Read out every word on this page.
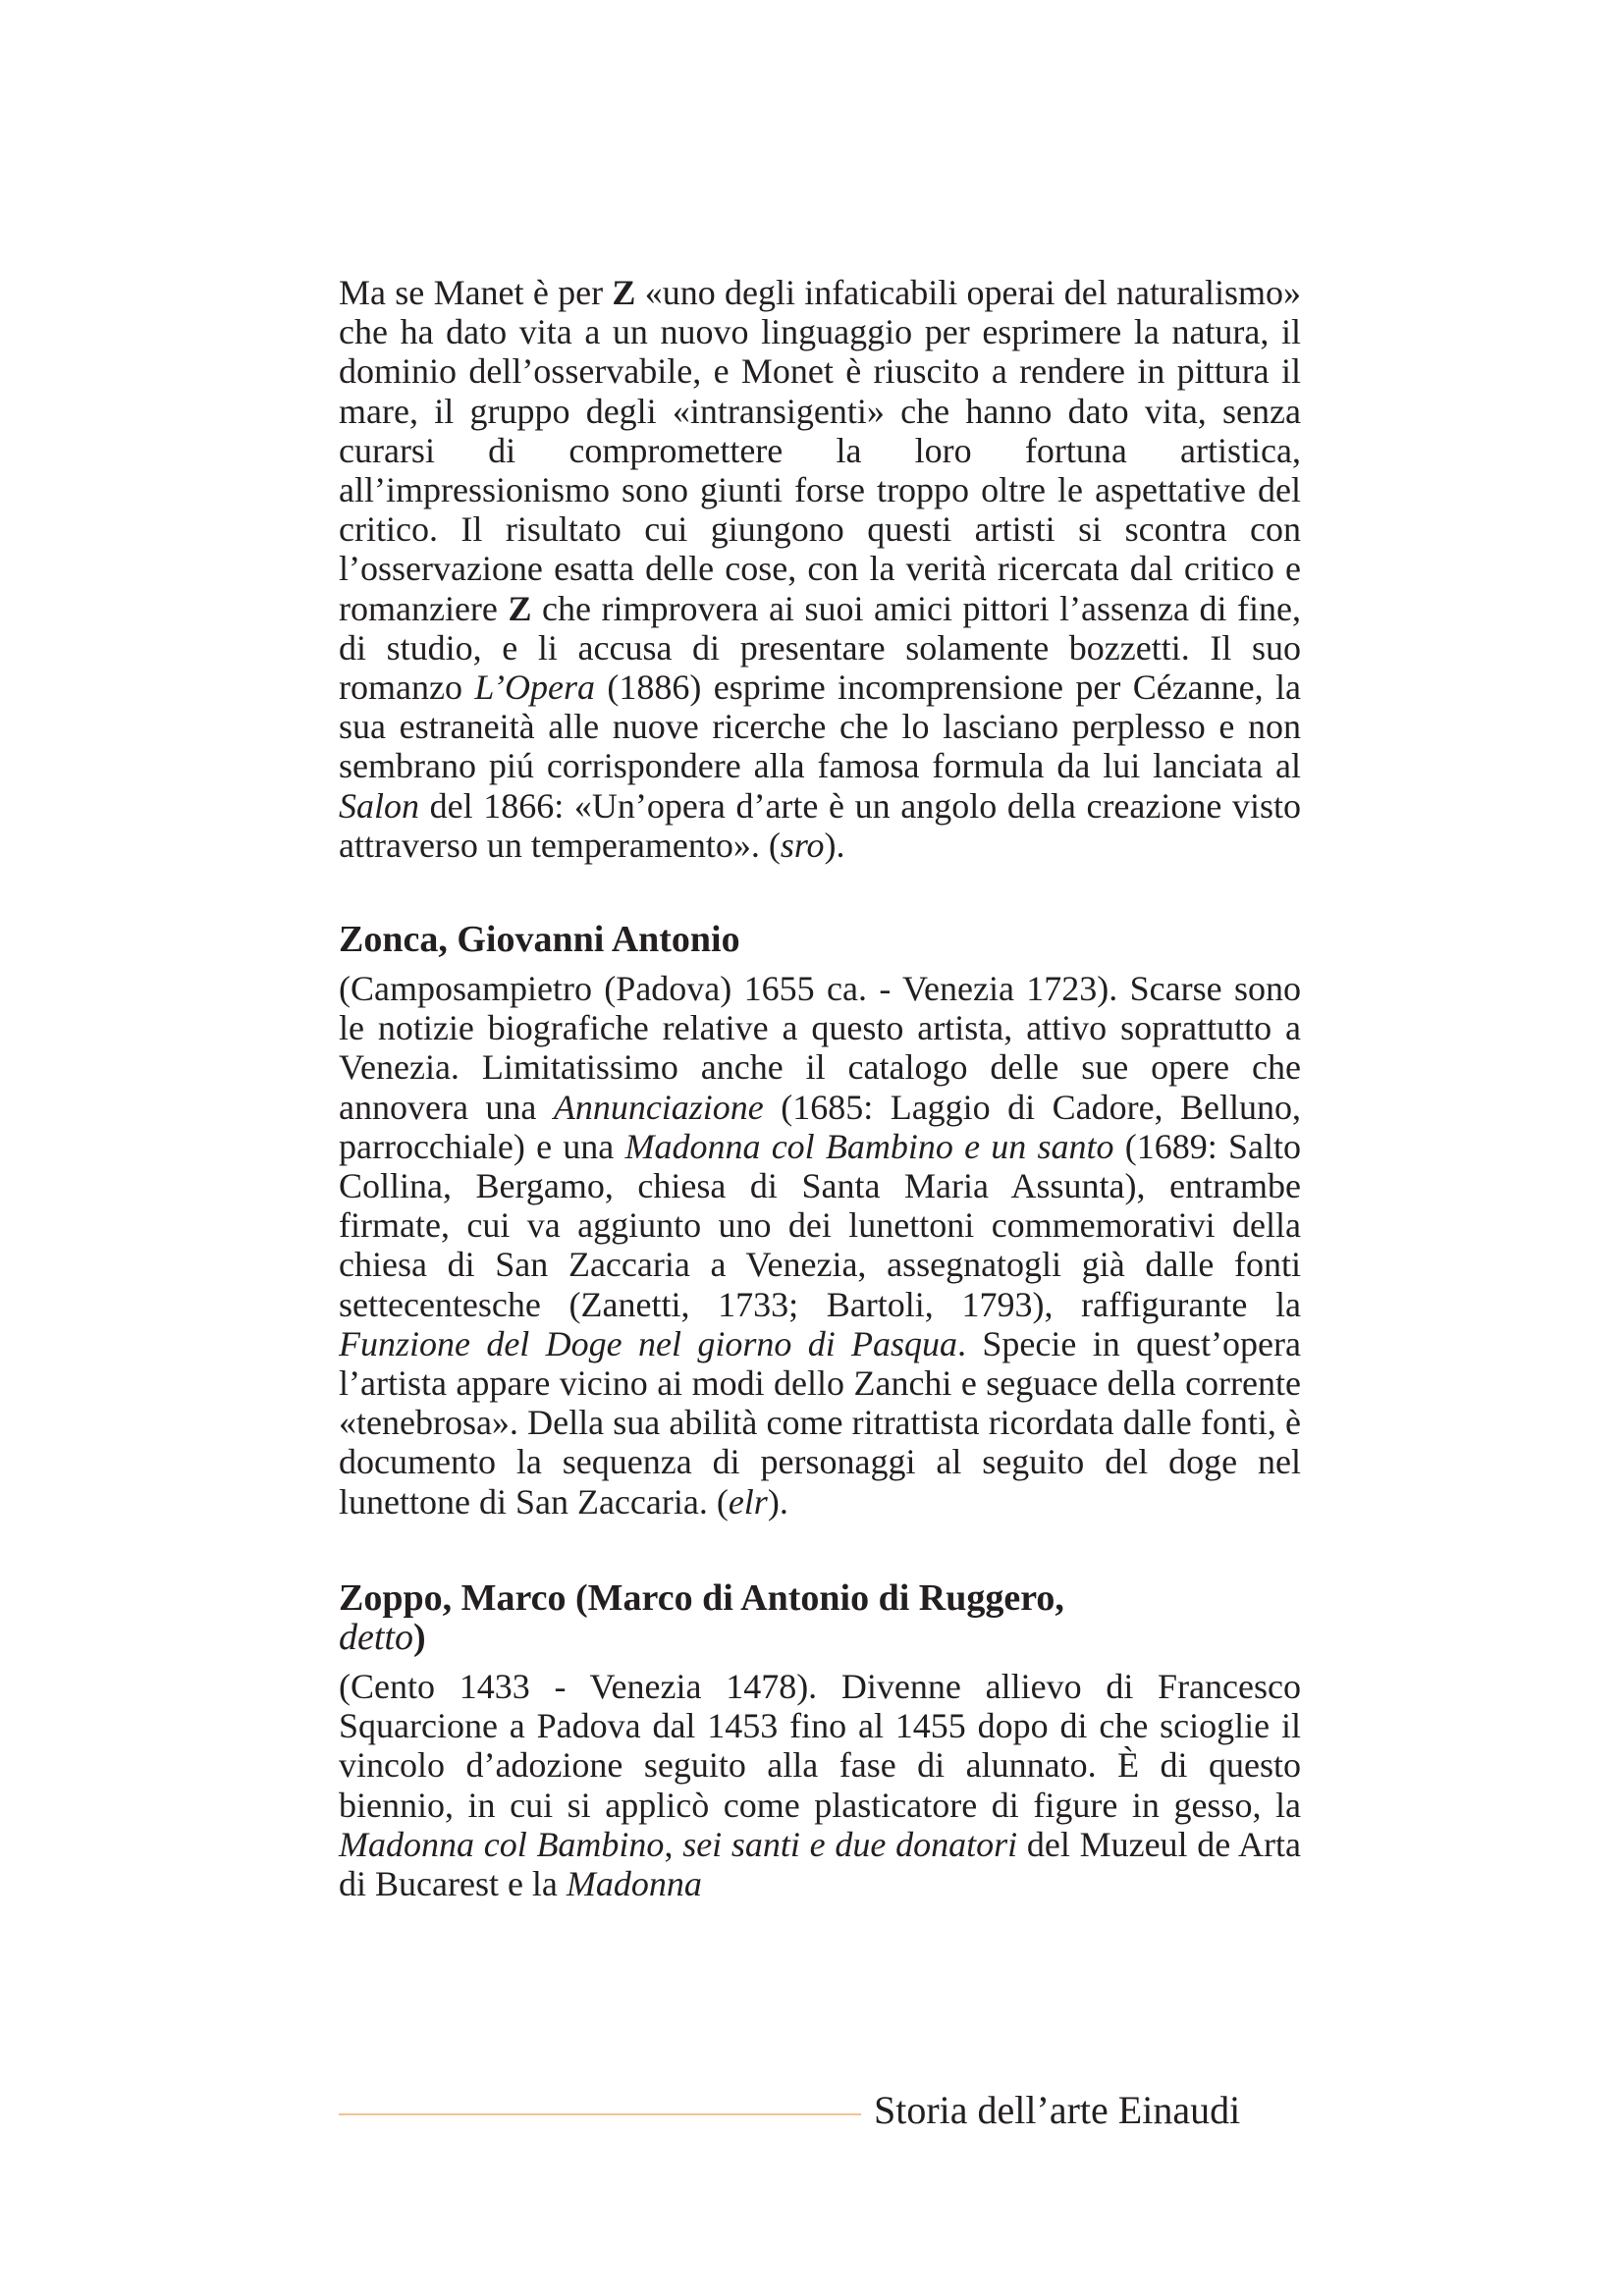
Ma se Manet è per Z «uno degli infaticabili operai del naturalismo» che ha dato vita a un nuovo linguaggio per esprimere la natura, il dominio dell’osservabile, e Monet è riuscito a rendere in pittura il mare, il gruppo degli «intransigenti» che hanno dato vita, senza curarsi di compromettere la loro fortuna artistica, all’impressionismo sono giunti forse troppo oltre le aspettative del critico. Il risultato cui giungono questi artisti si scontra con l’osservazione esatta delle cose, con la verità ricercata dal critico e romanziere Z che rimprovera ai suoi amici pittori l’assenza di fine, di studio, e li accusa di presentare solamente bozzetti. Il suo romanzo L’Opera (1886) esprime incomprensione per Cézanne, la sua estraneità alle nuove ricerche che lo lasciano perplesso e non sembrano piú corrispondere alla famosa formula da lui lanciata al Salon del 1866: «Un’opera d’arte è un angolo della creazione visto attraverso un temperamento». (sro).

Zonca, Giovanni Antonio

(Camposampietro (Padova) 1655 ca. - Venezia 1723). Scarse sono le notizie biografiche relative a questo artista, attivo soprattutto a Venezia. Limitatissimo anche il catalogo delle sue opere che annovera una Annunciazione (1685: Laggio di Cadore, Belluno, parrocchiale) e una Madonna col Bambino e un santo (1689: Salto Collina, Bergamo, chiesa di Santa Maria Assunta), entrambe firmate, cui va aggiunto uno dei lunettoni commemorativi della chiesa di San Zaccaria a Venezia, assegnatogli già dalle fonti settecentesche (Zanetti, 1733; Bartoli, 1793), raffigurante la Funzione del Doge nel giorno di Pasqua. Specie in quest’opera l’artista appare vicino ai modi dello Zanchi e seguace della corrente «tenebrosa». Della sua abilità come ritrattista ricordata dalle fonti, è documento la sequenza di personaggi al seguito del doge nel lunettone di San Zaccaria. (elr).

Zoppo, Marco (Marco di Antonio di Ruggero,
detto)

(Cento 1433 - Venezia 1478). Divenne allievo di Francesco Squarcione a Padova dal 1453 fino al 1455 dopo di che scioglie il vincolo d’adozione seguito alla fase di alunnato. È di questo biennio, in cui si applicò come plasticatore di figure in gesso, la Madonna col Bambino, sei santi e due donatori del Muzeul de Arta di Bucarest e la Madonna

Storia dell’arte Einaudi
